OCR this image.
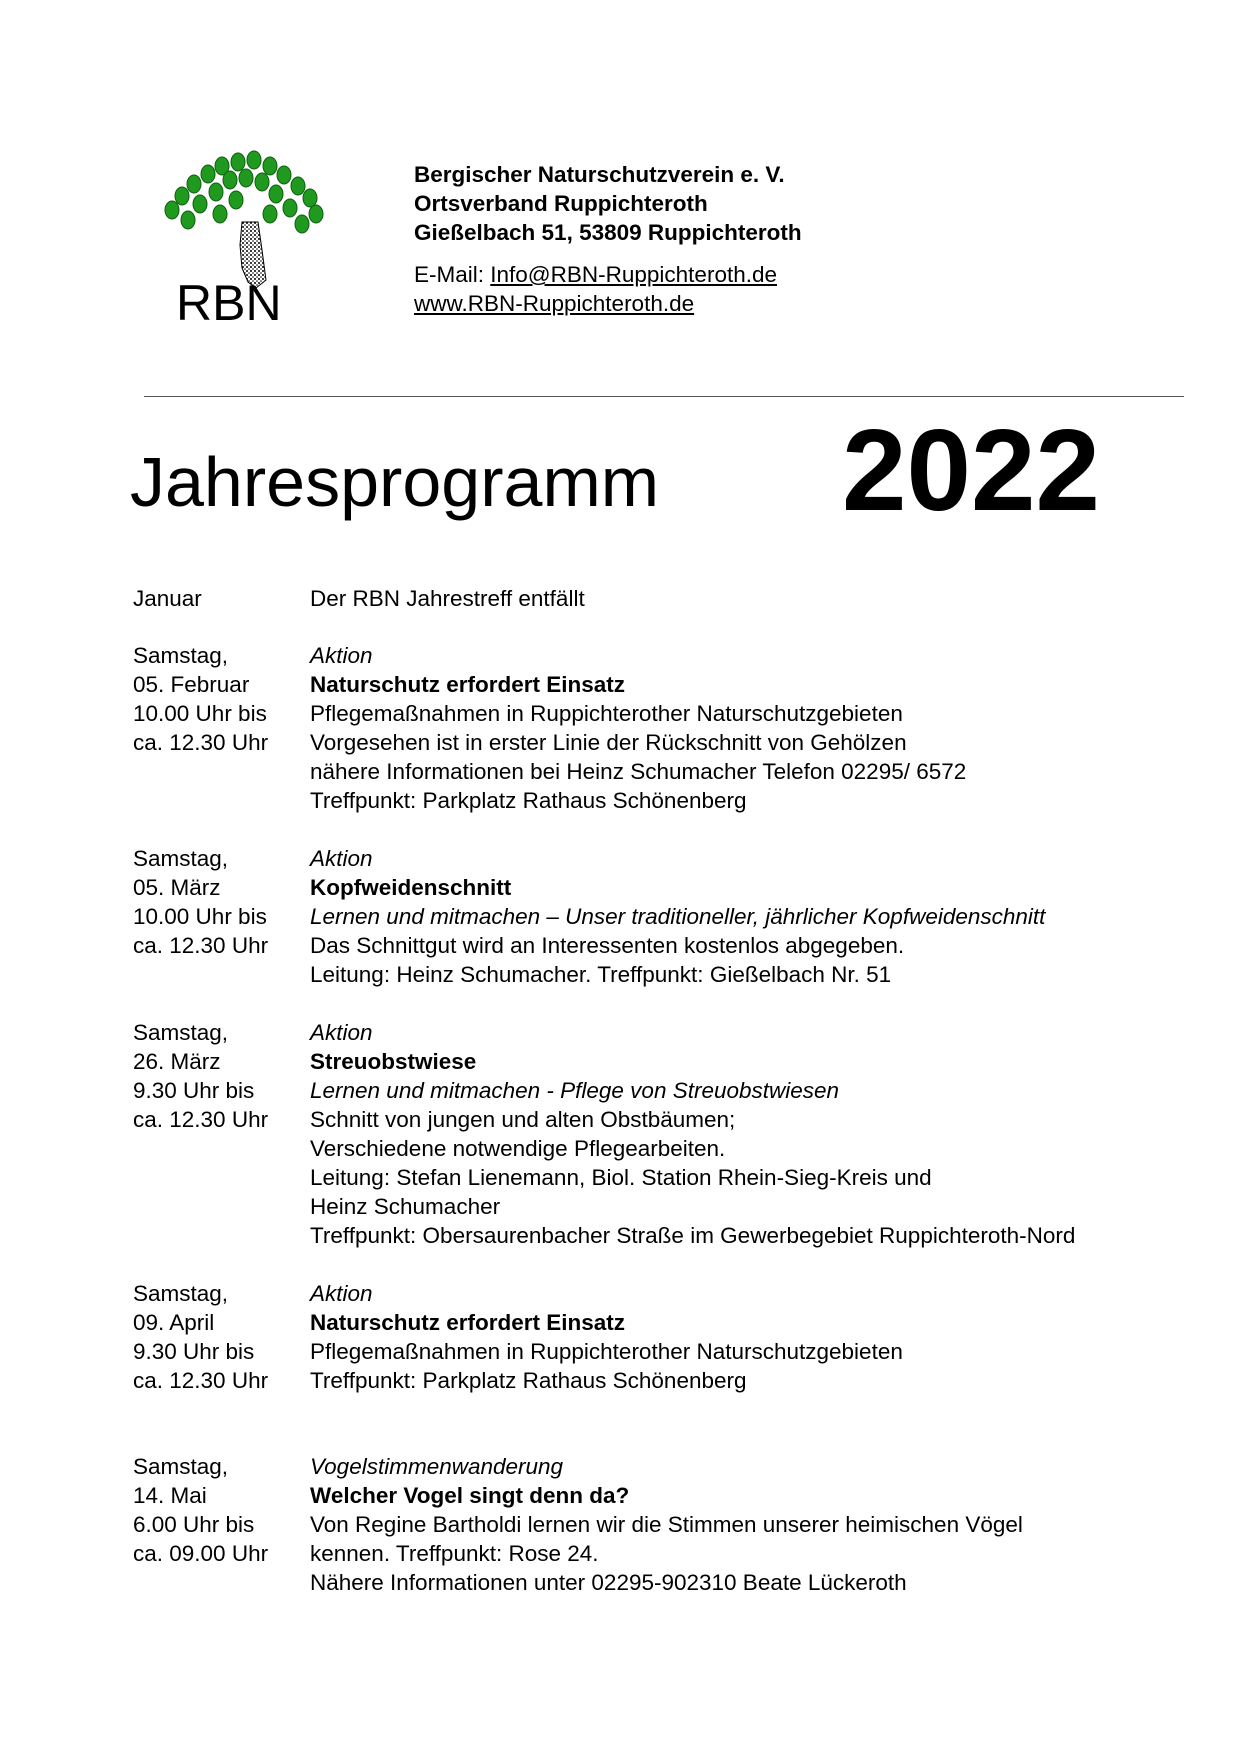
RBN
Bergischer Naturschutzverein e. V.
Ortsverband Ruppichteroth
Gießelbach 51, 53809 Ruppichteroth
E-Mail: Info@RBN-Ruppichteroth.de
www.RBN-Ruppichteroth.de
Jahresprogramm 2022
Januar	Der RBN Jahrestreff entfällt
Samstag,
05. Februar
10.00 Uhr bis
ca. 12.30 Uhr
Aktion
Naturschutz erfordert Einsatz
Pflegemaßnahmen in Ruppichterother Naturschutzgebieten
Vorgesehen ist in erster Linie der Rückschnitt von Gehölzen
nähere Informationen bei Heinz Schumacher Telefon 02295/ 6572
Treffpunkt: Parkplatz Rathaus Schönenberg
Samstag,
05. März
10.00 Uhr bis
ca. 12.30 Uhr
Aktion
Kopfweidenschnitt
Lernen und mitmachen – Unser traditioneller, jährlicher Kopfweidenschnitt
Das Schnittgut wird an Interessenten kostenlos abgegeben.
Leitung: Heinz Schumacher. Treffpunkt: Gießelbach Nr. 51
Samstag,
26. März
9.30 Uhr bis
ca. 12.30 Uhr
Aktion
Streuobstwiese
Lernen und mitmachen - Pflege von Streuobstwiesen
Schnitt von jungen und alten Obstbäumen;
Verschiedene notwendige Pflegearbeiten.
Leitung: Stefan Lienemann, Biol. Station Rhein-Sieg-Kreis und
Heinz Schumacher
Treffpunkt: Obersaurenbacher Straße im Gewerbegebiet Ruppichteroth-Nord
Samstag,
09. April
9.30 Uhr bis
ca. 12.30 Uhr
Aktion
Naturschutz erfordert Einsatz
Pflegemaßnahmen in Ruppichterother Naturschutzgebieten
Treffpunkt: Parkplatz Rathaus Schönenberg
Samstag,
14. Mai
6.00 Uhr bis
ca. 09.00 Uhr
Vogelstimmenwanderung
Welcher Vogel singt denn da?
Von Regine Bartholdi lernen wir die Stimmen unserer heimischen Vögel
kennen. Treffpunkt: Rose 24.
Nähere Informationen unter 02295-902310 Beate Lückeroth
